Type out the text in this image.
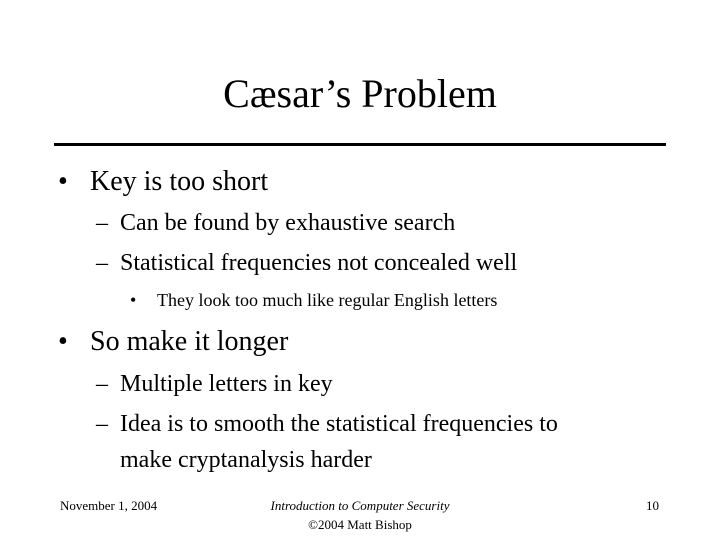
Cæsar’s Problem
• Key is too short
– Can be found by exhaustive search
– Statistical frequencies not concealed well
• They look too much like regular English letters
• So make it longer
– Multiple letters in key
– Idea is to smooth the statistical frequencies to
make cryptanalysis harder
November 1, 2004	Introduction to Computer Security
©2004 Matt Bishop
10
